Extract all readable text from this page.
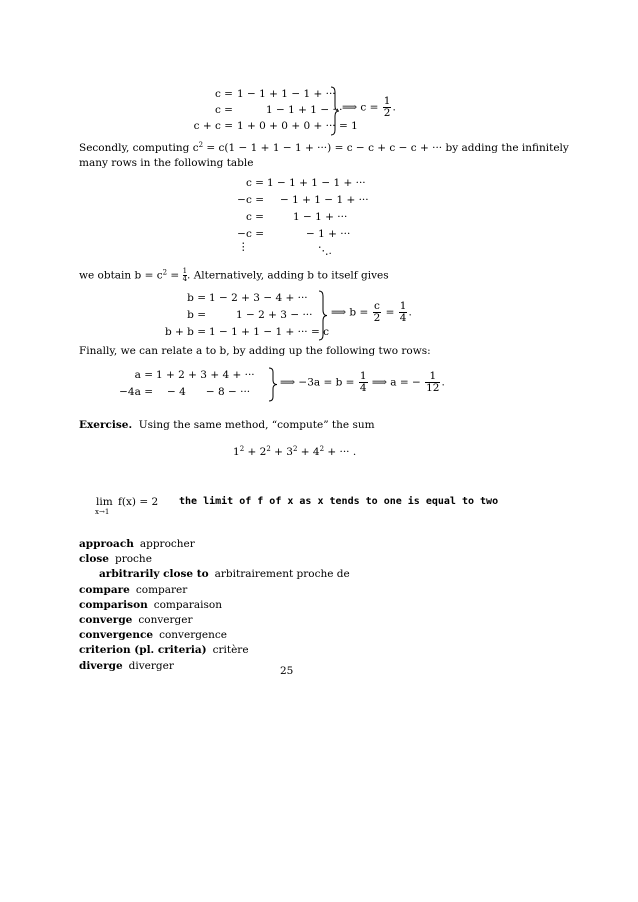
c = 1 − 1 + 1 − 1 + ···
c =	1 − 1 + 1 − ···
c + c = 1 + 0 + 0 + 0 + ··· = 1
⟹ $c = \frac{1}{2}$ .
Secondly, computing $c^2 = c(1 - 1 + 1 - 1$ + ···) = c − c + c − c + ··· by adding the infinitely
many rows in the following table
c = 1 − 1 + 1 − 1 + ···
−c = − 1 + 1 − 1 + ···
c =	1 − 1 + ···
−c =	− 1 + ···
⋮	⋱.
we obtain $b = c^2 = \frac{1}{4}$ . Alternatively, adding b to itself gives
b = 1 − 2 + 3 − 4 + ···
b =	1 − 2 + 3 − ···
b + b = 1 − 1 + 1 − 1 + ··· = c
⟹ $b = \frac{c}{2} = \frac{1}{4}$ .
Finally, we can relate a to b, by adding up the following two rows:
a = 1 + 2 + 3 + 4 + ···
−4a = − 4      − 8 − ···
⟹ $-3a = b = \frac{1}{4}$ ⟹ a = − $\frac{1}{12}$ .
Exercise. Using the same method, “compute” the sum
$1^2 + 2^2 + 3^2 + 4^2$ + ··· .
lim
x→1
f(x) = 2 the limit of f of x as x tends to one is equal to two
approach approcher
close proche
arbitrarily close to arbitrairement proche de
compare comparer
comparison comparaison
converge converger
convergence convergence
criterion (pl. criteria) critère
diverge diverger	25
